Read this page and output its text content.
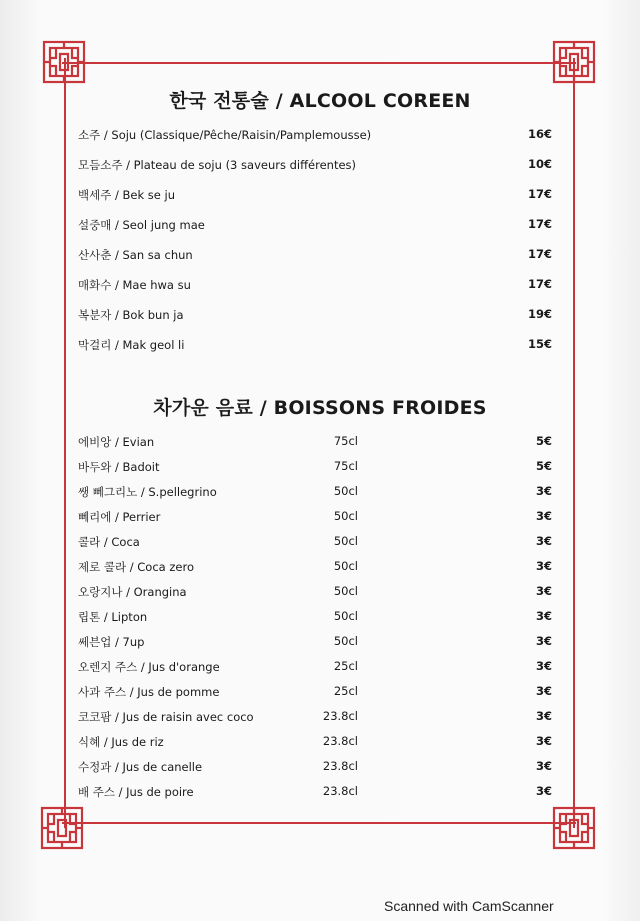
한국 전통술 / ALCOOL COREEN
소주 / Soju (Classique/Pêche/Raisin/Pamplemousse)	16€
모듬소주 / Plateau de soju (3 saveurs différentes)	10€
백세주 / Bek se ju	17€
설중매 / Seol jung mae	17€
산사춘 / San sa chun	17€
매화수 / Mae hwa su	17€
복분자 / Bok bun ja	19€
막걸리 / Mak geol li	15€
차가운 음료 / BOISSONS FROIDES
에비앙 / Evian	75cl	5€
바두와 / Badoit	75cl	5€
쌩 뻬그리노 / S.pellegrino	50cl	3€
뻬리에 / Perrier	50cl	3€
콜라 / Coca	50cl	3€
제로 콜라 / Coca zero	50cl	3€
오랑지나 / Orangina	50cl	3€
립톤 / Lipton	50cl	3€
쎄븐업 / 7up	50cl	3€
오렌지 주스 / Jus d'orange	25cl	3€
사과 주스 / Jus de pomme	25cl	3€
코코팜 / Jus de raisin avec coco	23.8cl	3€
식혜 / Jus de riz	23.8cl	3€
수정과 / Jus de canelle	23.8cl	3€
배 주스 / Jus de poire	23.8cl	3€
Scanned with CamScanner
